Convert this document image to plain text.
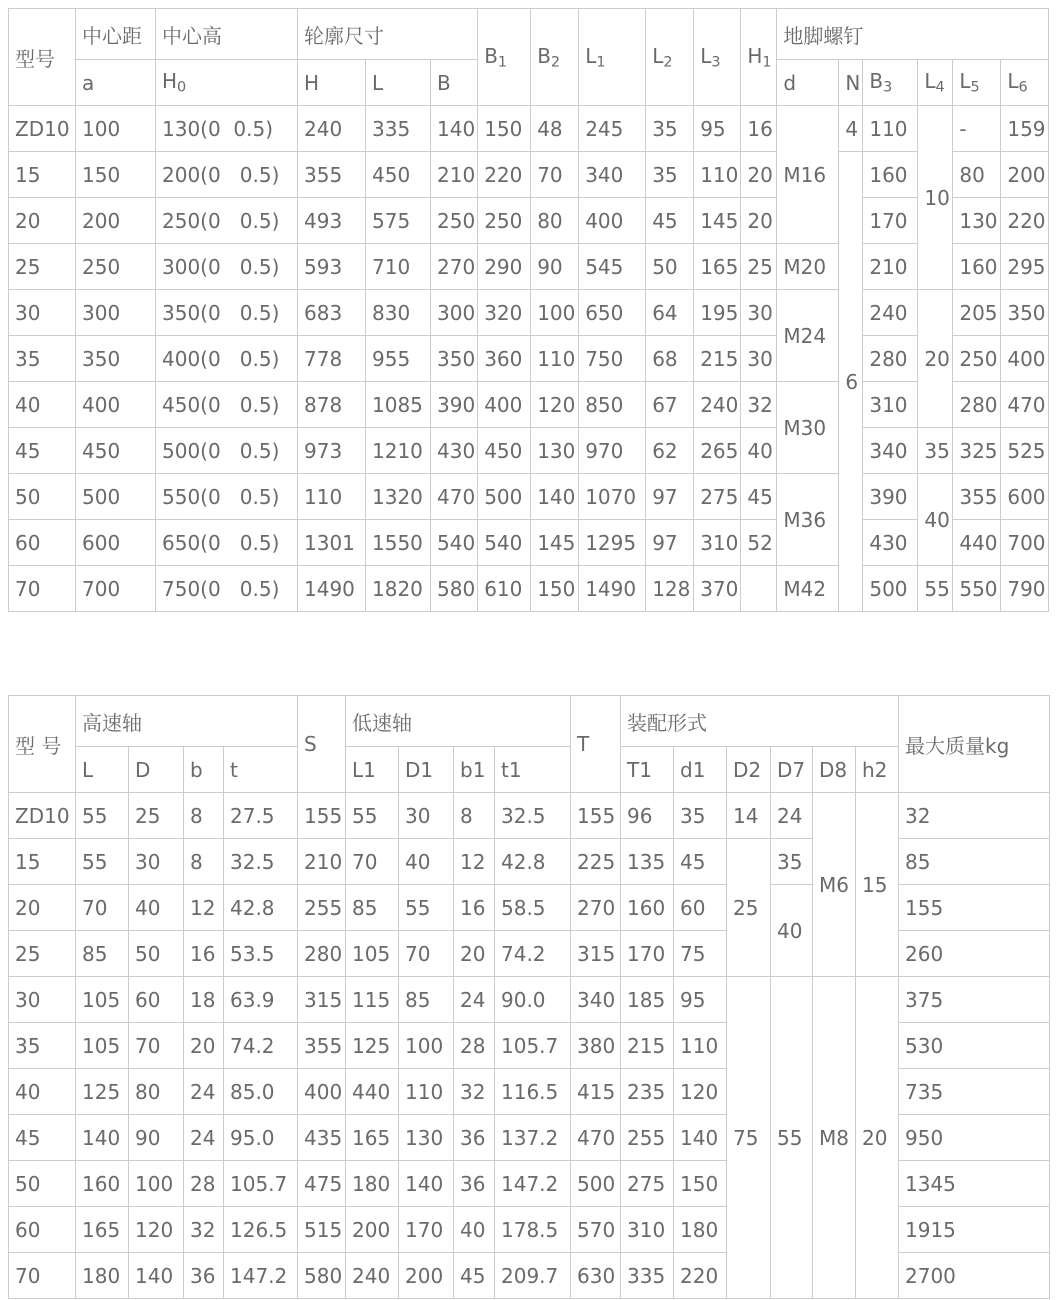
型号	中心距	中心高	轮廓尺寸			$B_1$	$B_2$	$L_1$	$L_2$	$L_3$	$H_1$	地脚螺钉					
	a	$H_0$	H	L	B							d	N	$B_3$	$L_4$	$L_5$	$L_6$
ZD10	100	130(0  0.5)	240	335	140	150	48	245	35	95	16	M16	4	110	10	-	159
15	150	200(0   0.5)	355	450	210	220	70	340	35	110	20		6	160		80	200
20	200	250(0   0.5)	493	575	250	250	80	400	45	145	20			170		130	220
25	250	300(0   0.5)	593	710	270	290	90	545	50	165	25	M20		210		160	295
30	300	350(0   0.5)	683	830	300	320	100	650	64	195	30	M24		240	20	205	350
35	350	400(0   0.5)	778	955	350	360	110	750	68	215	30			280		250	400
40	400	450(0   0.5)	878	1085	390	400	120	850	67	240	32	M30		310		280	470
45	450	500(0   0.5)	973	1210	430	450	130	970	62	265	40			340	35	325	525
50	500	550(0   0.5)	110	1320	470	500	140	1070	97	275	45	M36		390	40	355	600
60	600	650(0   0.5)	1301	1550	540	540	145	1295	97	310	52			430		440	700
70	700	750(0   0.5)	1490	1820	580	610	150	1490	128	370		M42		500	55	550	790
型 号	高速轴				S	低速轴				T	装配形式						最大质量kg
	L	D	b	t		L1	D1	b1	t1		T1	d1	D2	D7	D8	h2	
ZD10	55	25	8	27.5	155	55	30	8	32.5	155	96	35	14	24	M6	15	32
15	55	30	8	32.5	210	70	40	12	42.8	225	135	45	25	35			85
20	70	40	12	42.8	255	85	55	16	58.5	270	160	60		40			155
25	85	50	16	53.5	280	105	70	20	74.2	315	170	75					260
30	105	60	18	63.9	315	115	85	24	90.0	340	185	95	75	55	M8	20	375
35	105	70	20	74.2	355	125	100	28	105.7	380	215	110					530
40	125	80	24	85.0	400	440	110	32	116.5	415	235	120					735
45	140	90	24	95.0	435	165	130	36	137.2	470	255	140					950
50	160	100	28	105.7	475	180	140	36	147.2	500	275	150					1345
60	165	120	32	126.5	515	200	170	40	178.5	570	310	180					1915
70	180	140	36	147.2	580	240	200	45	209.7	630	335	220					2700
